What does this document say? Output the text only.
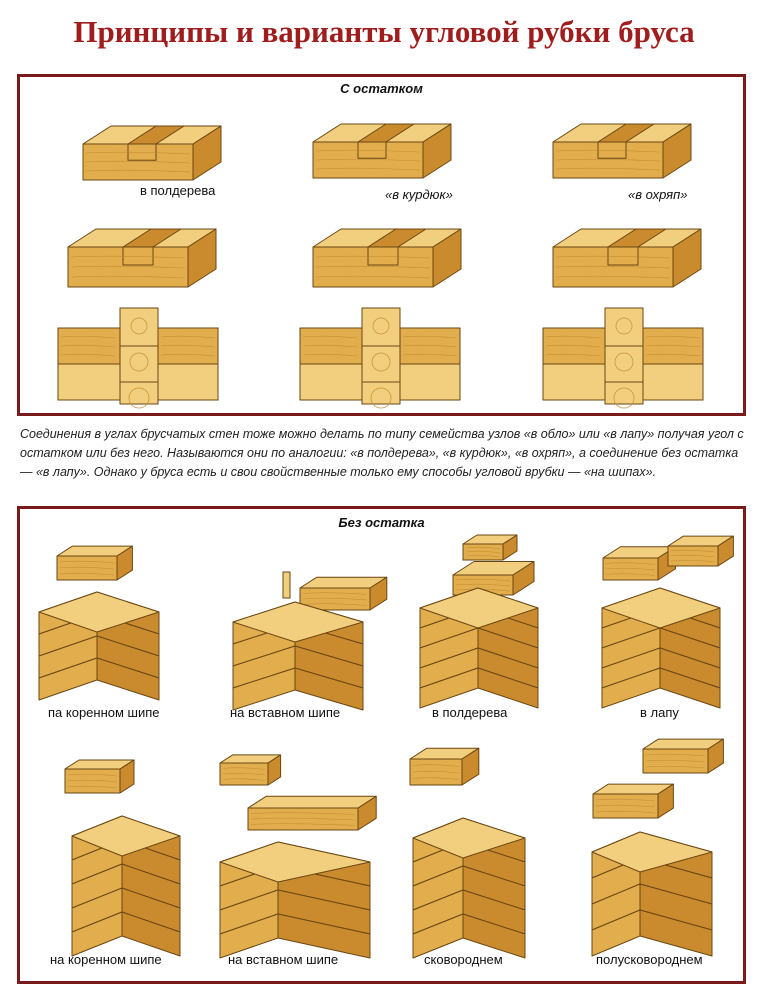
Принципы и варианты угловой рубки бруса
С остатком
в полдерева	«в курдюк»	«в охряп»
Соединения в углах брусчатых стен тоже можно делать по типу семейства узлов «в обло» или «в лапу» получая угол с остатком или без него. Называются они по аналогии: «в полдерева», «в курдюк», «в охряп», а соединение без остатка — «в лапу». Однако у бруса есть и свои свойственные только ему способы угловой врубки — «на шипах».
Без остатка
па коренном шипе	на вставном шипе	в полдерева	в лапу
на коренном шипе	на вставном шипе	сковороднем	полусковороднем
